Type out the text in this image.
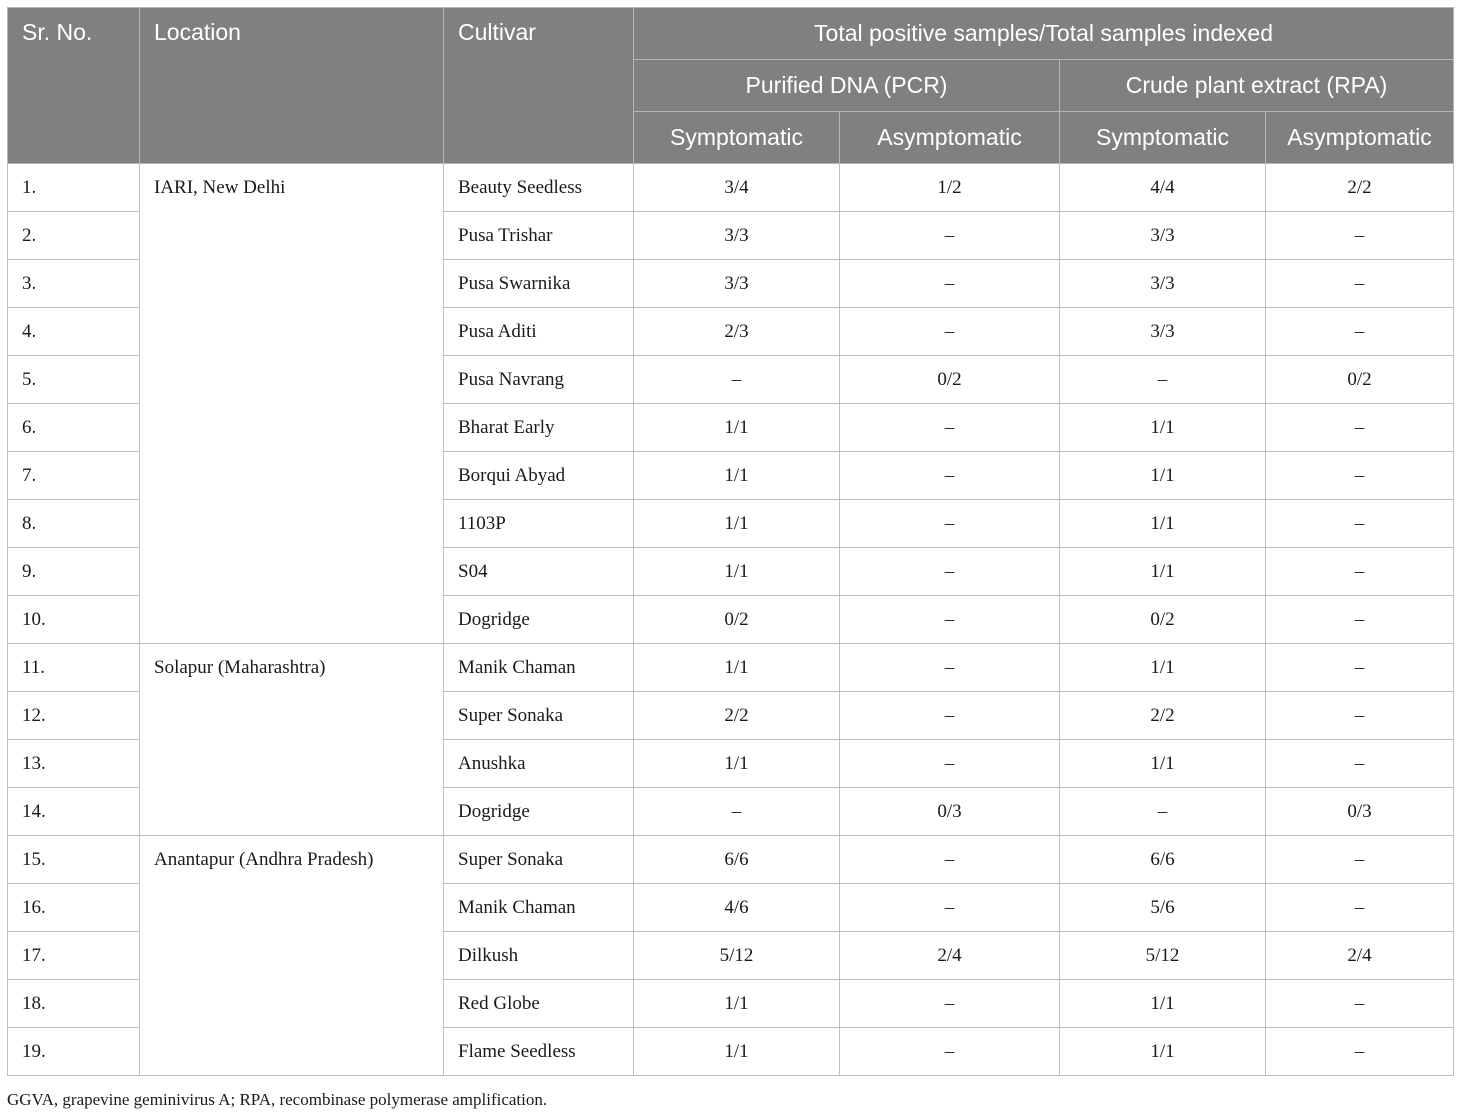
Sr. No.	Location	Cultivar	Total positive samples/Total samples indexed			
			Purified DNA (PCR)		Crude plant extract (RPA)	
			Symptomatic	Asymptomatic	Symptomatic	Asymptomatic
1.	IARI, New Delhi	Beauty Seedless	3/4	1/2	4/4	2/2
2.		Pusa Trishar	3/3	–	3/3	–
3.		Pusa Swarnika	3/3	–	3/3	–
4.		Pusa Aditi	2/3	–	3/3	–
5.		Pusa Navrang	–	0/2	–	0/2
6.		Bharat Early	1/1	–	1/1	–
7.		Borqui Abyad	1/1	–	1/1	–
8.		1103P	1/1	–	1/1	–
9.		S04	1/1	–	1/1	–
10.		Dogridge	0/2	–	0/2	–
11.	Solapur (Maharashtra)	Manik Chaman	1/1	–	1/1	–
12.		Super Sonaka	2/2	–	2/2	–
13.		Anushka	1/1	–	1/1	–
14.		Dogridge	–	0/3	–	0/3
15.	Anantapur (Andhra Pradesh)	Super Sonaka	6/6	–	6/6	–
16.		Manik Chaman	4/6	–	5/6	–
17.		Dilkush	5/12	2/4	5/12	2/4
18.		Red Globe	1/1	–	1/1	–
19.		Flame Seedless	1/1	–	1/1	–
GGVA, grapevine geminivirus A; RPA, recombinase polymerase amplification.
